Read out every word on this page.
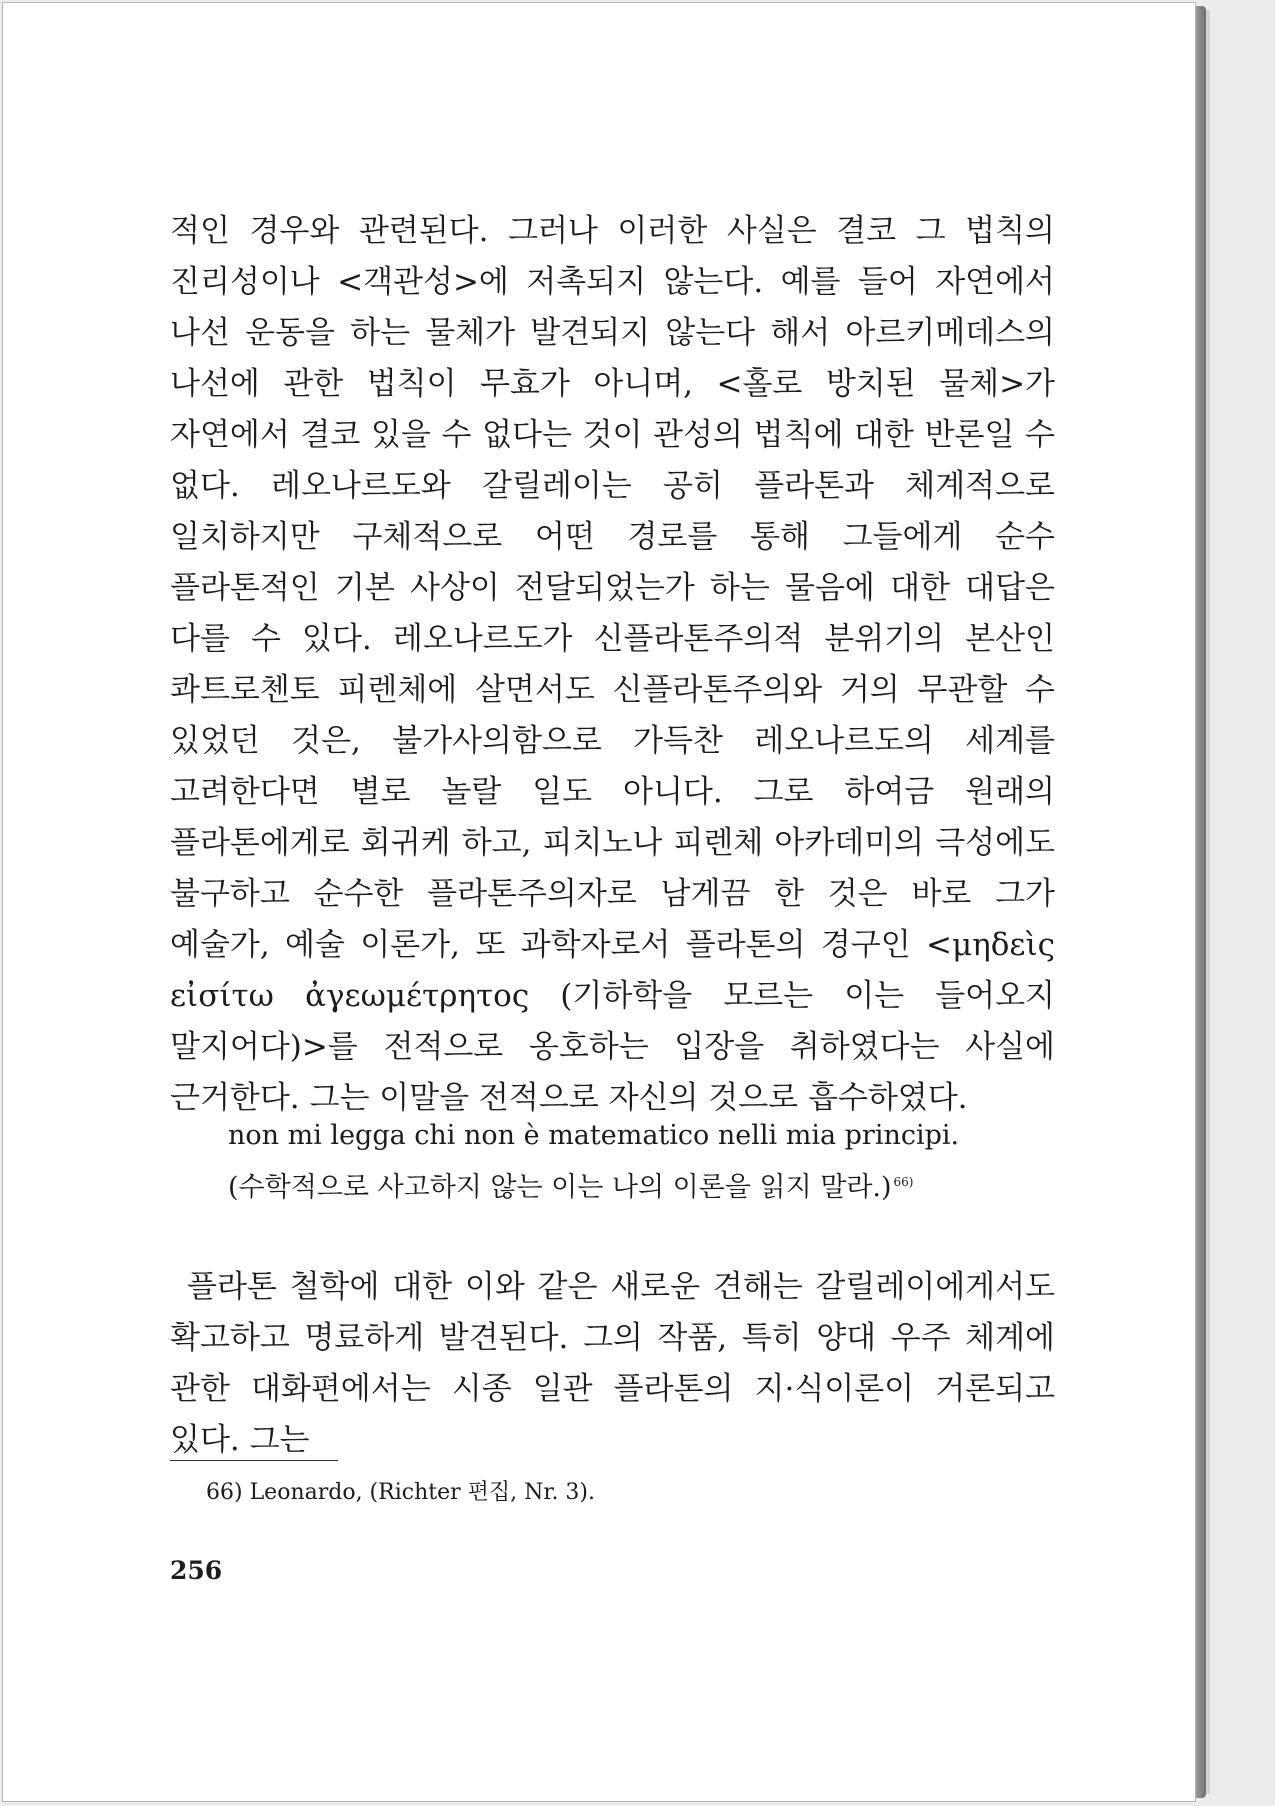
적인 경우와 관련된다. 그러나 이러한 사실은 결코 그 법칙의 진리성이나 <객관성>에 저촉되지 않는다. 예를 들어 자연에서 나선 운동을 하는 물체가 발견되지 않는다 해서 아르키메데스의 나선에 관한 법칙이 무효가 아니며, <홀로 방치된 물체>가 자연에서 결코 있을 수 없다는 것이 관성의 법칙에 대한 반론일 수 없다. 레오나르도와 갈릴레이는 공히 플라톤과 체계적으로 일치하지만 구체적으로 어떤 경로를 통해 그들에게 순수 플라톤적인 기본 사상이 전달되었는가 하는 물음에 대한 대답은 다를 수 있다. 레오나르도가 신플라톤주의적 분위기의 본산인 콰트로첸토 피렌체에 살면서도 신플라톤주의와 거의 무관할 수 있었던 것은, 불가사의함으로 가득찬 레오나르도의 세계를 고려한다면 별로 놀랄 일도 아니다. 그로 하여금 원래의 플라톤에게로 회귀케 하고, 피치노나 피렌체 아카데미의 극성에도 불구하고 순수한 플라톤주의자로 남게끔 한 것은 바로 그가 예술가, 예술 이론가, 또 과학자로서 플라톤의 경구인 <μηδεὶς εἰσίτω ἀγεωμέτρητος (기하학을 모르는 이는 들어오지 말지어다)>를 전적으로 옹호하는 입장을 취하였다는 사실에 근거한다. 그는 이말을 전적으로 자신의 것으로 흡수하였다.

non mi legga chi non è matematico nelli mia principi.
(수학적으로 사고하지 않는 이는 나의 이론을 읽지 말라.) $^{66)}$

플라톤 철학에 대한 이와 같은 새로운 견해는 갈릴레이에게서도 확고하고 명료하게 발견된다. 그의 작품, 특히 양대 우주 체계에 관한 대화편에서는 시종 일관 플라톤의 지·식이론이 거론되고 있다. 그는

66) Leonardo, (Richter 편집, Nr. 3).
256
